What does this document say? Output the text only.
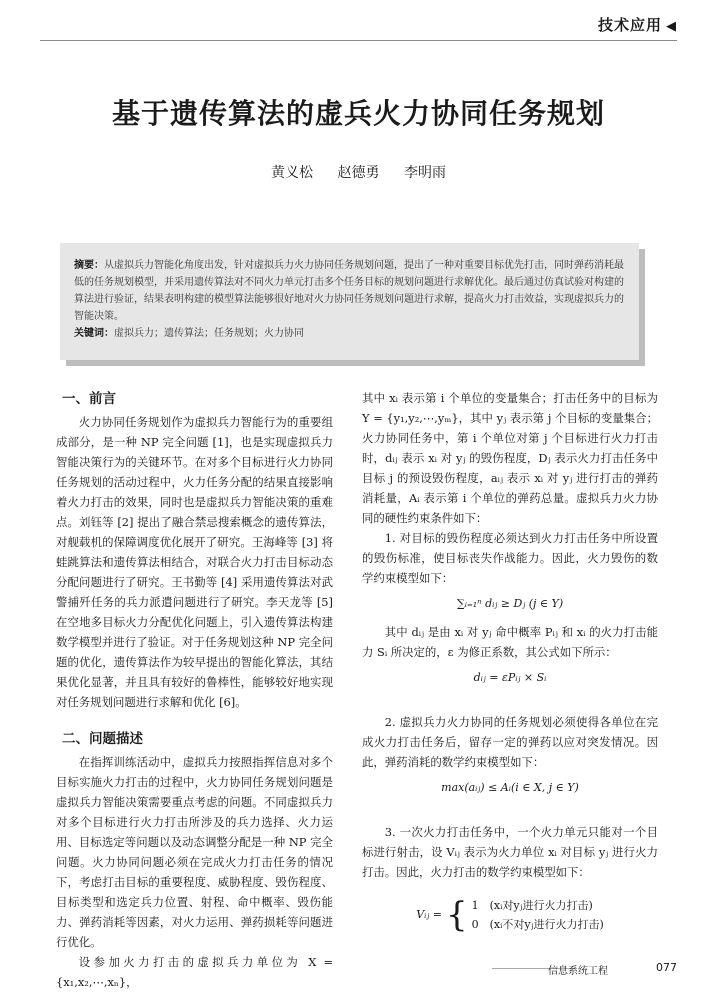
技术应用 ◀
基于遗传算法的虚兵火力协同任务规划
黄义松 赵德勇 李明雨
摘要：从虚拟兵力智能化角度出发，针对虚拟兵力火力协同任务规划问题，提出了一种对重要目标优先打击，同时弹药消耗最低的任务规划模型，并采用遗传算法对不同火力单元打击多个任务目标的规划问题进行求解优化。最后通过仿真试验对构建的算法进行验证，结果表明构建的模型算法能够很好地对火力协同任务规划问题进行求解，提高火力打击效益，实现虚拟兵力的智能决策。
关键词：虚拟兵力；遗传算法；任务规划；火力协同
一、前言

火力协同任务规划作为虚拟兵力智能行为的重要组成部分，是一种 NP 完全问题 [1]，也是实现虚拟兵力智能决策行为的关键环节。在对多个目标进行火力协同任务规划的活动过程中，火力任务分配的结果直接影响着火力打击的效果，同时也是虚拟兵力智能决策的重难点。刘钰等 [2] 提出了融合禁忌搜索概念的遗传算法，对舰载机的保障调度优化展开了研究。王海峰等 [3] 将蛙跳算法和遗传算法相结合，对联合火力打击目标动态分配问题进行了研究。王书勤等 [4] 采用遗传算法对武警捕歼任务的兵力派遣问题进行了研究。李天龙等 [5] 在空地多目标火力分配优化问题上，引入遗传算法构建数学模型并进行了验证。对于任务规划这种 NP 完全问题的优化，遗传算法作为较早提出的智能化算法，其结果优化显著，并且具有较好的鲁棒性，能够较好地实现对任务规划问题进行求解和优化 [6]。

二、问题描述

在指挥训练活动中，虚拟兵力按照指挥信息对多个目标实施火力打击的过程中，火力协同任务规划问题是虚拟兵力智能决策需要重点考虑的问题。不同虚拟兵力对多个目标进行火力打击所涉及的兵力选择、火力运用、目标选定等问题以及动态调整分配是一种 NP 完全问题。火力协同问题必须在完成火力打击任务的情况下，考虑打击目标的重要程度、威胁程度、毁伤程度、目标类型和选定兵力位置、射程、命中概率、毁伤能力、弹药消耗等因素，对火力运用、弹药损耗等问题进行优化。

设参加火力打击的虚拟兵力单位为 X = {x₁,x₂,⋯,xₙ}，

其中 xᵢ 表示第 i 个单位的变量集合；打击任务中的目标为 Y = {y₁,y₂,⋯,yₘ}，其中 yⱼ 表示第 j 个目标的变量集合；火力协同任务中，第 i 个单位对第 j 个目标进行火力打击时，dᵢⱼ 表示 xᵢ 对 yⱼ 的毁伤程度，Dⱼ 表示火力打击任务中目标 j 的预设毁伤程度，aᵢⱼ 表示 xᵢ 对 yⱼ 进行打击的弹药消耗量，Aᵢ 表示第 i 个单位的弹药总量。虚拟兵力火力协同的硬性约束条件如下：

1. 对目标的毁伤程度必须达到火力打击任务中所设置的毁伤标准，使目标丧失作战能力。因此，火力毁伤的数学约束模型如下：

∑ᵢ₌₁ⁿ dᵢⱼ ≥ Dⱼ (j ∈ Y)

其中 dᵢⱼ 是由 xᵢ 对 yⱼ 命中概率 Pᵢⱼ 和 xᵢ 的火力打击能力 Sᵢ 所决定的，ε 为修正系数，其公式如下所示：

dᵢⱼ = εPᵢⱼ × Sᵢ

2. 虚拟兵力火力协同的任务规划必须使得各单位在完成火力打击任务后，留存一定的弹药以应对突发情况。因此，弹药消耗的数学约束模型如下：

max(aᵢⱼ) ≤ Aᵢ(i ∈ X, j ∈ Y)

3. 一次火力打击任务中，一个火力单元只能对一个目标进行射击，设 Vᵢⱼ 表示为火力单位 xᵢ 对目标 yⱼ 进行火力打击。因此，火力打击的数学约束模型如下：

Vᵢⱼ = { 1　(xᵢ对yⱼ进行火力打击)
0　(xᵢ不对yⱼ进行火力打击)
信息系统工程	077
